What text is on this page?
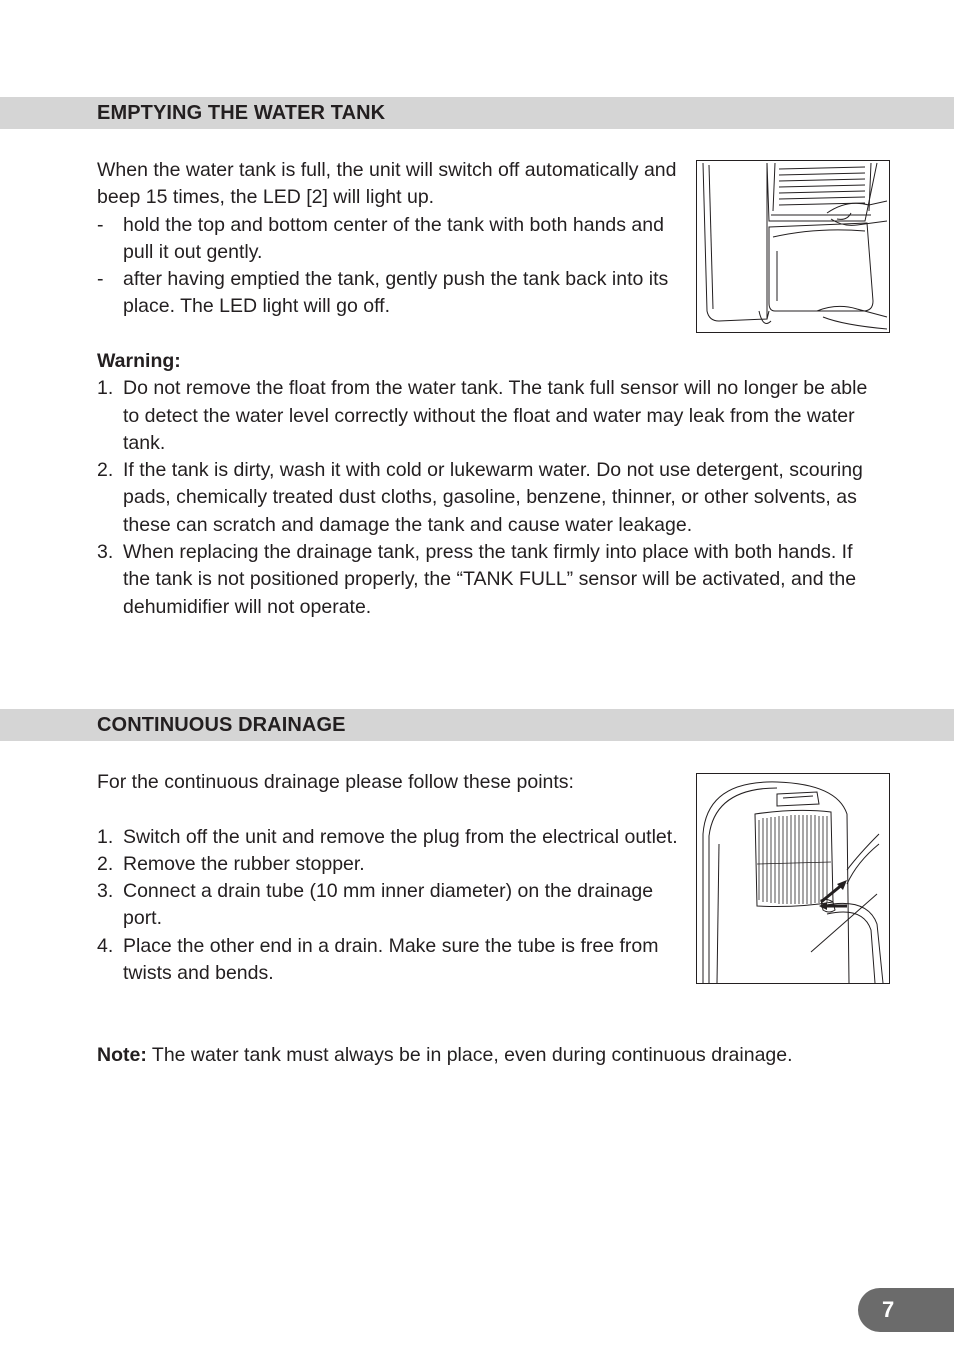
EMPTYING THE WATER TANK

When the water tank is full, the unit will switch off automatically and beep 15 times, the LED [2] will light up.

- hold the top and bottom center of the tank with both hands and pull it out gently.
- after having emptied the tank, gently push the tank back into its place. The LED light will go off.

Warning:

1. Do not remove the float from the water tank. The tank full sensor will no longer be able to detect the water level correctly without the float and water may leak from the water tank.
2. If the tank is dirty, wash it with cold or lukewarm water. Do not use detergent, scouring pads, chemically treated dust cloths, gasoline, benzene, thinner, or other solvents, as these can scratch and damage the tank and cause water leakage.
3. When replacing the drainage tank, press the tank firmly into place with both hands. If the tank is not positioned properly, the “TANK FULL” sensor will be activated, and the dehumidifier will not operate.
CONTINUOUS DRAINAGE

For the continuous drainage please follow these points:

1. Switch off the unit and remove the plug from the electrical outlet.
2. Remove the rubber stopper.
3. Connect a drain tube (10 mm inner diameter) on the drainage port.
4. Place the other end in a drain. Make sure the tube is free from twists and bends.
Note: The water tank must always be in place, even during continuous drainage.
7
